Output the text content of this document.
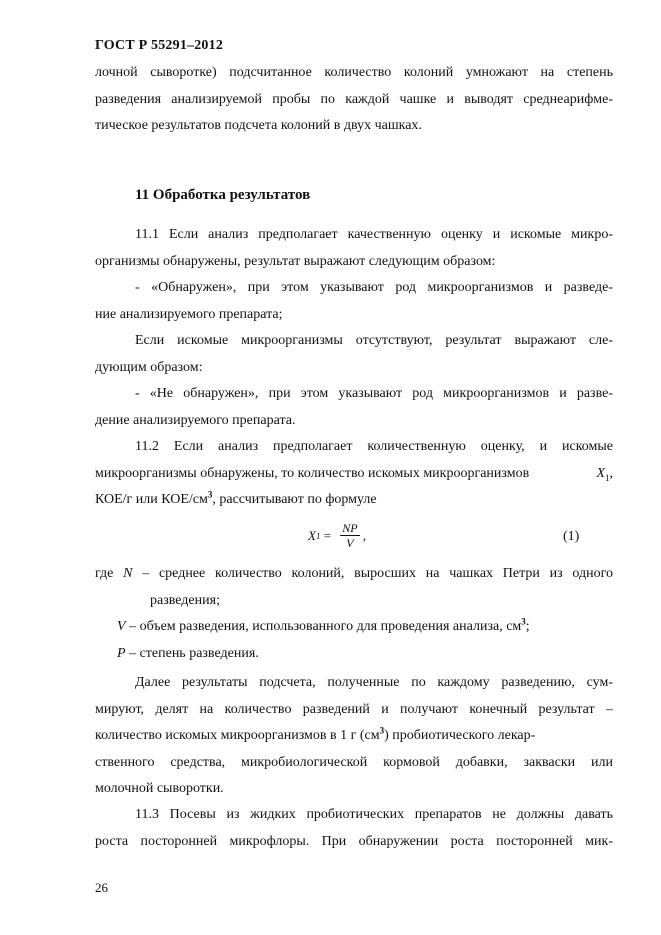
ГОСТ Р 55291–2012
лочной сыворотке) подсчитанное количество колоний умножают на степень
разведения анализируемой пробы по каждой чашке и выводят среднеарифме-
тическое результатов подсчета колоний в двух чашках.
11 Обработка результатов
11.1 Если анализ предполагает качественную оценку и искомые микро-
организмы обнаружены, результат выражают следующим образом:
- «Обнаружен», при этом указывают род микроорганизмов и разведе-
ние анализируемого препарата;
Если искомые микроорганизмы отсутствуют, результат выражают сле-
дующим образом:
- «Не обнаружен», при этом указывают род микроорганизмов и разве-
дение анализируемого препарата.
11.2 Если анализ предполагает количественную оценку, и искомые
микроорганизмы обнаружены, то количество искомых микроорганизмов	$X_1$,
КОЕ/г или КОЕ/$см^3$, рассчитывают по формуле
X $1 = \frac{NP}{V}$ ,	(1)
где N – среднее количество колоний, выросших на чашках Петри из одного
разведения;
V – объем разведения, использованного для проведения анализа, $см^3$;
P – степень разведения.
Далее результаты подсчета, полученные по каждому разведению, сум-
мируют, делят на количество разведений и получают конечный результат –
количество искомых микроорганизмов в 1 г $(см^3)$ пробиотического лекар-
ственного средства, микробиологической кормовой добавки, закваски или
молочной сыворотки.
11.3 Посевы из жидких пробиотических препаратов не должны давать
роста посторонней микрофлоры. При обнаружении роста посторонней мик-
26
